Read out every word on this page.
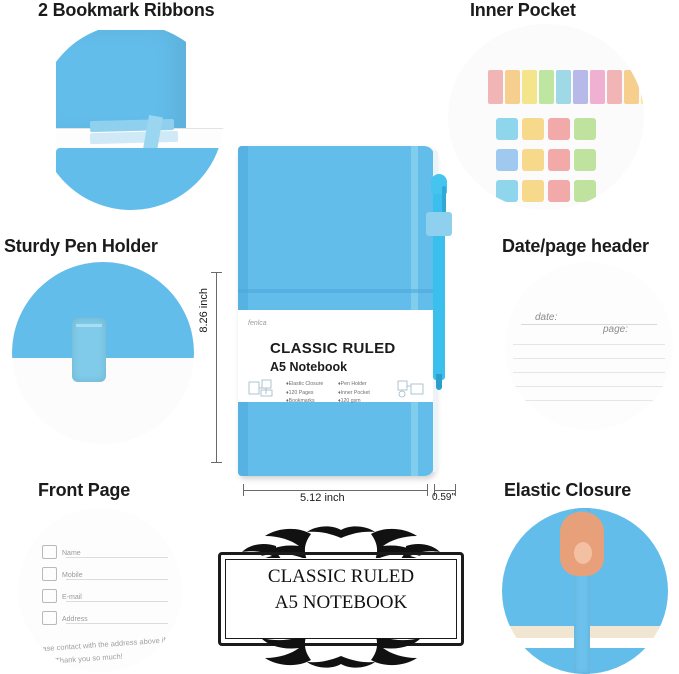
2 Bookmark Ribbons	Inner Pocket
Sturdy Pen Holder	Date/page header
Front Page	Elastic Closure
date:
page:
Name
Mobile
E-mail
Address
Please contact with the address above if found. Thank you so much!
fenlca
CLASSIC RULED
A5 Notebook
♦Elastic Closure	♦Pen Holder♦120 Pages	♦Inner Pocket♦Bookmarks	♦120 gsm
8.26 inch
5.12 inch	0.59"
CLASSIC RULED
A5 NOTEBOOK
